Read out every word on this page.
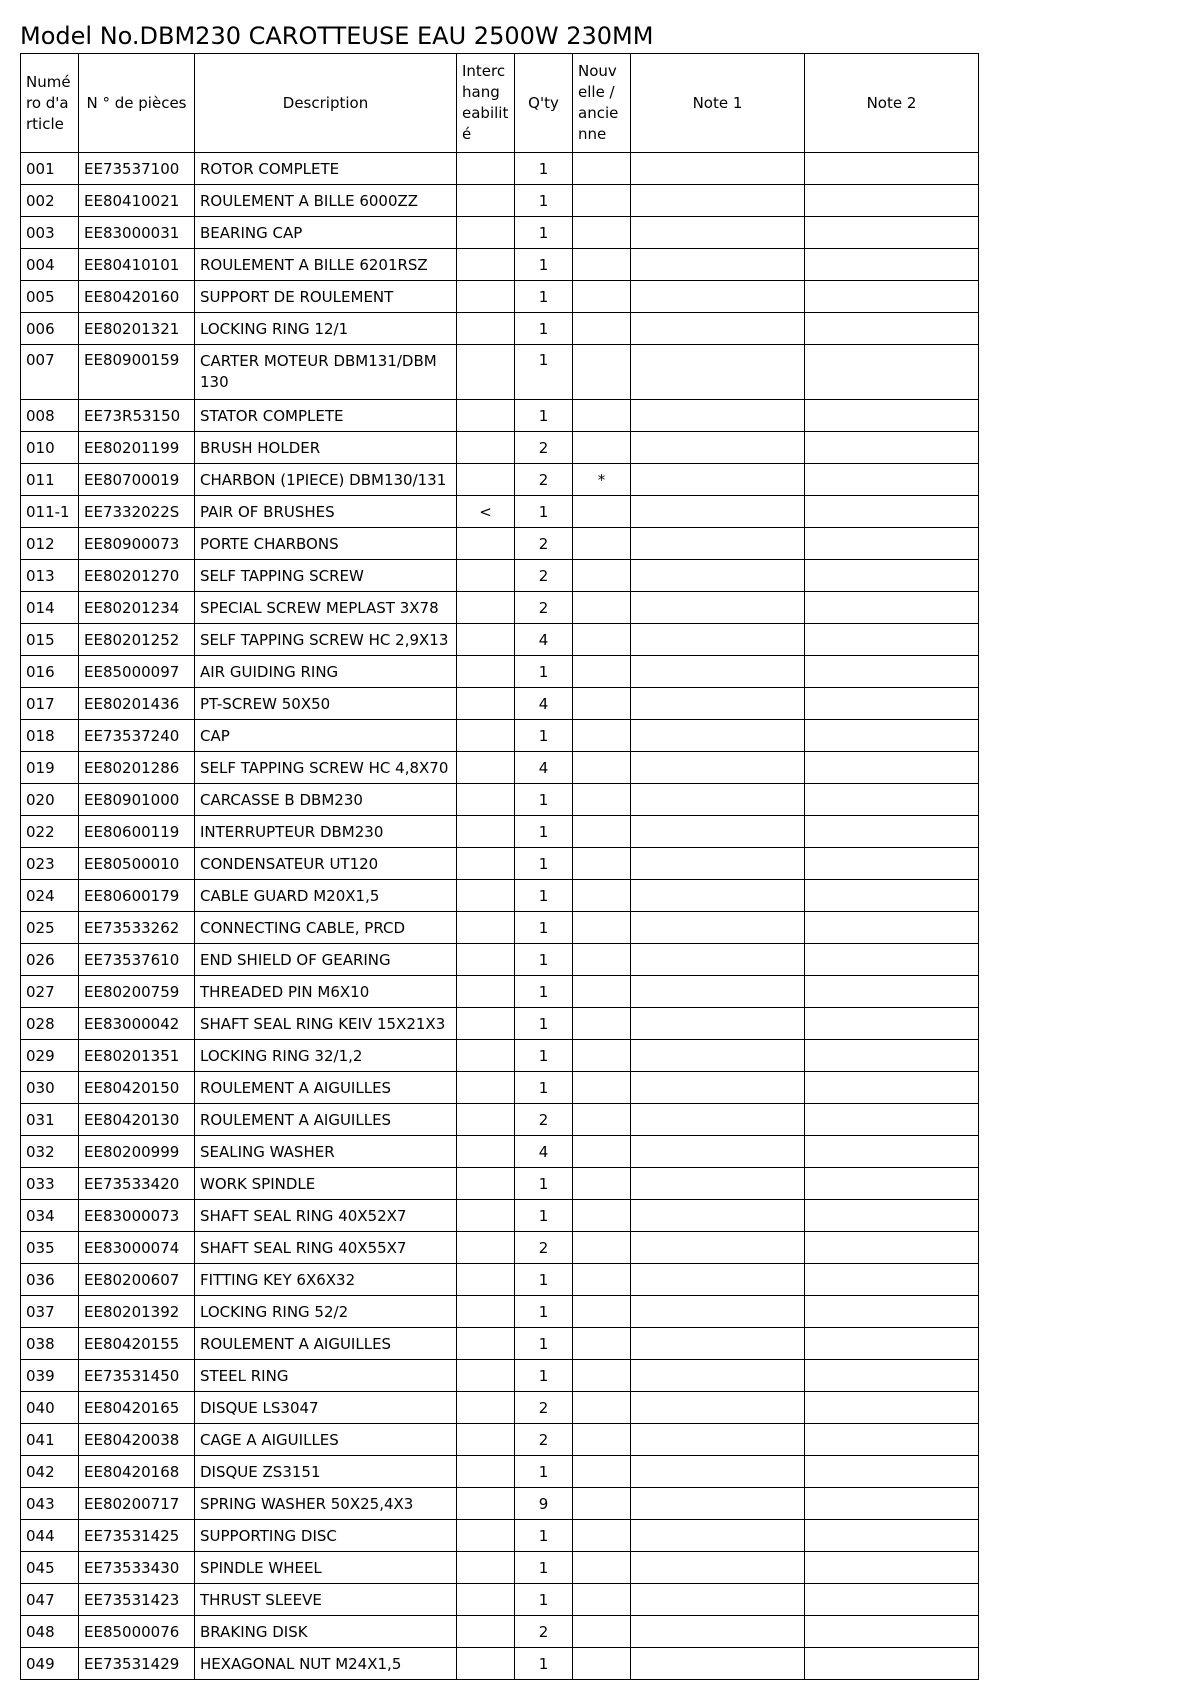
Model No.DBM230 CAROTTEUSE EAU 2500W 230MM
Numé ro d'a rticle	N ° de pièces	Description	Interc hang eabilit é	Q'ty	Nouv elle / ancie nne	Note 1	Note 2
001	EE73537100	ROTOR COMPLETE		1			
002	EE80410021	ROULEMENT A BILLE 6000ZZ		1			
003	EE83000031	BEARING CAP		1			
004	EE80410101	ROULEMENT A BILLE 6201RSZ		1			
005	EE80420160	SUPPORT DE ROULEMENT		1			
006	EE80201321	LOCKING RING 12/1		1			
007	EE80900159	CARTER MOTEUR DBM131/DBM 130		1			
008	EE73R53150	STATOR COMPLETE		1			
010	EE80201199	BRUSH HOLDER		2			
011	EE80700019	CHARBON (1PIECE) DBM130/131		2	*		
011-1	EE7332022S	PAIR OF BRUSHES	<	1			
012	EE80900073	PORTE CHARBONS		2			
013	EE80201270	SELF TAPPING SCREW		2			
014	EE80201234	SPECIAL SCREW MEPLAST 3X78		2			
015	EE80201252	SELF TAPPING SCREW HC 2,9X13		4			
016	EE85000097	AIR GUIDING RING		1			
017	EE80201436	PT-SCREW 50X50		4			
018	EE73537240	CAP		1			
019	EE80201286	SELF TAPPING SCREW HC 4,8X70		4			
020	EE80901000	CARCASSE B DBM230		1			
022	EE80600119	INTERRUPTEUR DBM230		1			
023	EE80500010	CONDENSATEUR UT120		1			
024	EE80600179	CABLE GUARD M20X1,5		1			
025	EE73533262	CONNECTING CABLE, PRCD		1			
026	EE73537610	END SHIELD OF GEARING		1			
027	EE80200759	THREADED PIN M6X10		1			
028	EE83000042	SHAFT SEAL RING KEIV 15X21X3		1			
029	EE80201351	LOCKING RING 32/1,2		1			
030	EE80420150	ROULEMENT A AIGUILLES		1			
031	EE80420130	ROULEMENT A AIGUILLES		2			
032	EE80200999	SEALING WASHER		4			
033	EE73533420	WORK SPINDLE		1			
034	EE83000073	SHAFT SEAL RING 40X52X7		1			
035	EE83000074	SHAFT SEAL RING 40X55X7		2			
036	EE80200607	FITTING KEY 6X6X32		1			
037	EE80201392	LOCKING RING 52/2		1			
038	EE80420155	ROULEMENT A AIGUILLES		1			
039	EE73531450	STEEL RING		1			
040	EE80420165	DISQUE LS3047		2			
041	EE80420038	CAGE A AIGUILLES		2			
042	EE80420168	DISQUE ZS3151		1			
043	EE80200717	SPRING WASHER 50X25,4X3		9			
044	EE73531425	SUPPORTING DISC		1			
045	EE73533430	SPINDLE WHEEL		1			
047	EE73531423	THRUST SLEEVE		1			
048	EE85000076	BRAKING DISK		2			
049	EE73531429	HEXAGONAL NUT M24X1,5		1			
